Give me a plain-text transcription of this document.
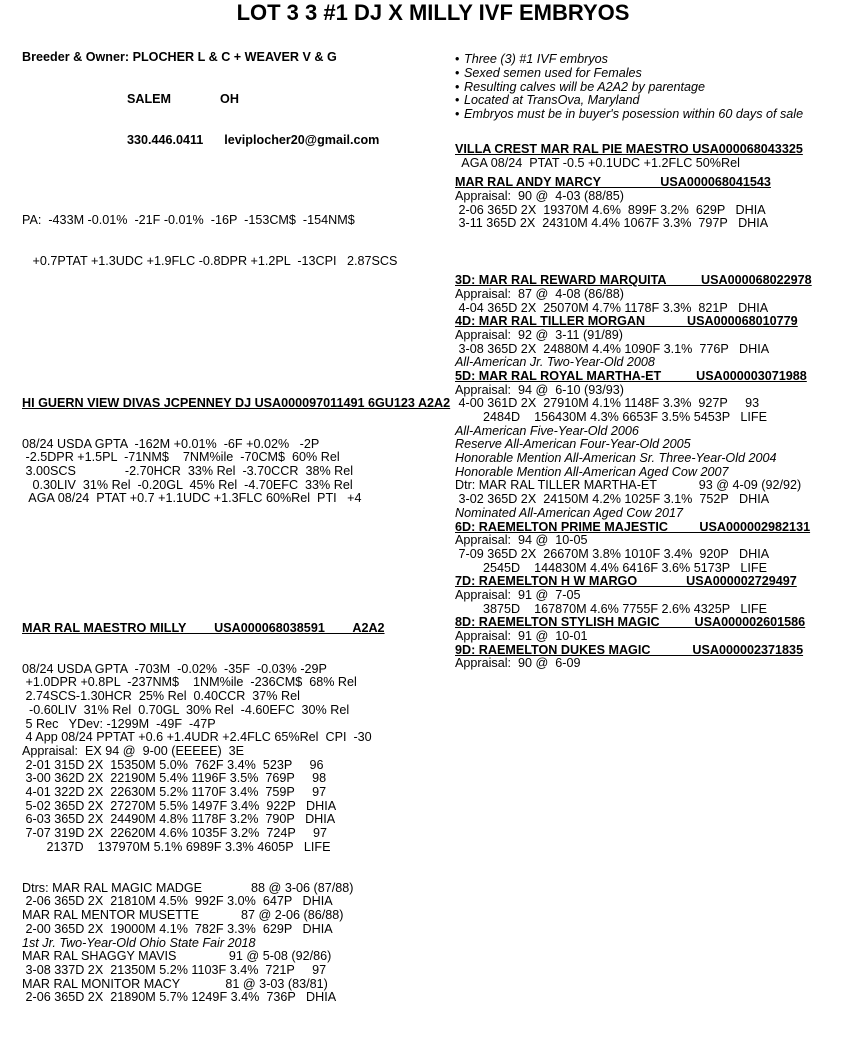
LOT 3 3 #1 DJ X MILLY IVF EMBRYOS

Breeder & Owner: PLOCHER L & C + WEAVER V & G

SALEM              OH

330.446.0411      leviplocher20@gmail.com

PA:  -433M -0.01%  -21F -0.01%  -16P  -153CM$  -154NM$

+0.7PTAT +1.3UDC +1.9FLC -0.8DPR +1.2PL  -13CPI   2.87SCS

HI GUERN VIEW DIVAS JCPENNEY DJ USA000097011491 6GU123 A2A2

08/24 USDA GPTA  -162M +0.01%  -6F +0.02%   -2P
-2.5DPR +1.5PL  -71NM$    7NM%ile  -70CM$  60% Rel
3.00SCS              -2.70HCR  33% Rel  -3.70CCR  38% Rel
0.30LIV  31% Rel  -0.20GL  45% Rel  -4.70EFC  33% Rel
AGA 08/24  PTAT +0.7 +1.1UDC +1.3FLC 60%Rel  PTI   +4

MAR RAL MAESTRO MILLY        USA000068038591        A2A2

08/24 USDA GPTA  -703M  -0.02%  -35F  -0.03% -29P
+1.0DPR +0.8PL  -237NM$    1NM%ile  -236CM$  68% Rel
2.74SCS-1.30HCR  25% Rel  0.40CCR  37% Rel
-0.60LIV  31% Rel  0.70GL  30% Rel  -4.60EFC  30% Rel
5 Rec   YDev: -1299M  -49F  -47P
4 App 08/24 PPTAT +0.6 +1.4UDR +2.4FLC 65%Rel  CPI  -30
Appraisal:  EX 94 @  9-00 (EEEEE)  3E
2-01 315D 2X  15350M 5.0%  762F 3.4%  523P     96
3-00 362D 2X  22190M 5.4% 1196F 3.5%  769P     98
4-01 322D 2X  22630M 5.2% 1170F 3.4%  759P     97
5-02 365D 2X  27270M 5.5% 1497F 3.4%  922P   DHIA
6-03 365D 2X  24490M 4.8% 1178F 3.2%  790P   DHIA
7-07 319D 2X  22620M 4.6% 1035F 3.2%  724P     97
2137D    137970M 5.1% 6989F 3.3% 4605P   LIFE

Dtrs: MAR RAL MAGIC MADGE              88 @ 3-06 (87/88)
2-06 365D 2X  21810M 4.5%  992F 3.0%  647P   DHIA
MAR RAL MENTOR MUSETTE            87 @ 2-06 (86/88)
2-00 365D 2X  19000M 4.1%  782F 3.3%  629P   DHIA
1st Jr. Two-Year-Old Ohio State Fair 2018
MAR RAL SHAGGY MAVIS               91 @ 5-08 (92/86)
3-08 337D 2X  21350M 5.2% 1103F 3.4%  721P     97
MAR RAL MONITOR MACY             81 @ 3-03 (83/81)
2-06 365D 2X  21890M 5.7% 1249F 3.4%  736P   DHIA

• Three (3) #1 IVF embryos
• Sexed semen used for Females
• Resulting calves will be A2A2 by parentage
• Located at TransOva, Maryland
• Embryos must be in buyer's posession within 60 days of sale

VILLA CREST MAR RAL PIE MAESTRO USA000068043325
AGA 08/24  PTAT -0.5 +0.1UDC +1.2FLC 50%Rel
MAR RAL ANDY MARCY                 USA000068041543
Appraisal:  90 @  4-03 (88/85)
2-06 365D 2X  19370M 4.6%  899F 3.2%  629P   DHIA
3-11 365D 2X  24310M 4.4% 1067F 3.3%  797P   DHIA
3D: MAR RAL REWARD MARQUITA          USA000068022978
Appraisal:  87 @  4-08 (86/88)
4-04 365D 2X  25070M 4.7% 1178F 3.3%  821P   DHIA
4D: MAR RAL TILLER MORGAN            USA000068010779
Appraisal:  92 @  3-11 (91/89)
3-08 365D 2X  24880M 4.4% 1090F 3.1%  776P   DHIA
All-American Jr. Two-Year-Old 2008
5D: MAR RAL ROYAL MARTHA-ET          USA000003071988
Appraisal:  94 @  6-10 (93/93)
4-00 361D 2X  27910M 4.1% 1148F 3.3%  927P     93
2484D    156430M 4.3% 6653F 3.5% 5453P   LIFE
All-American Five-Year-Old 2006
Reserve All-American Four-Year-Old 2005
Honorable Mention All-American Sr. Three-Year-Old 2004
Honorable Mention All-American Aged Cow 2007
Dtr: MAR RAL TILLER MARTHA-ET            93 @ 4-09 (92/92)
3-02 365D 2X  24150M 4.2% 1025F 3.1%  752P   DHIA
Nominated All-American Aged Cow 2017
6D: RAEMELTON PRIME MAJESTIC         USA000002982131
Appraisal:  94 @  10-05
7-09 365D 2X  26670M 3.8% 1010F 3.4%  920P   DHIA
2545D    144830M 4.4% 6416F 3.6% 5173P   LIFE
7D: RAEMELTON H W MARGO              USA000002729497
Appraisal:  91 @  7-05
3875D    167870M 4.6% 7755F 2.6% 4325P   LIFE
8D: RAEMELTON STYLISH MAGIC          USA000002601586
Appraisal:  91 @  10-01
9D: RAEMELTON DUKES MAGIC            USA000002371835
Appraisal:  90 @  6-09
